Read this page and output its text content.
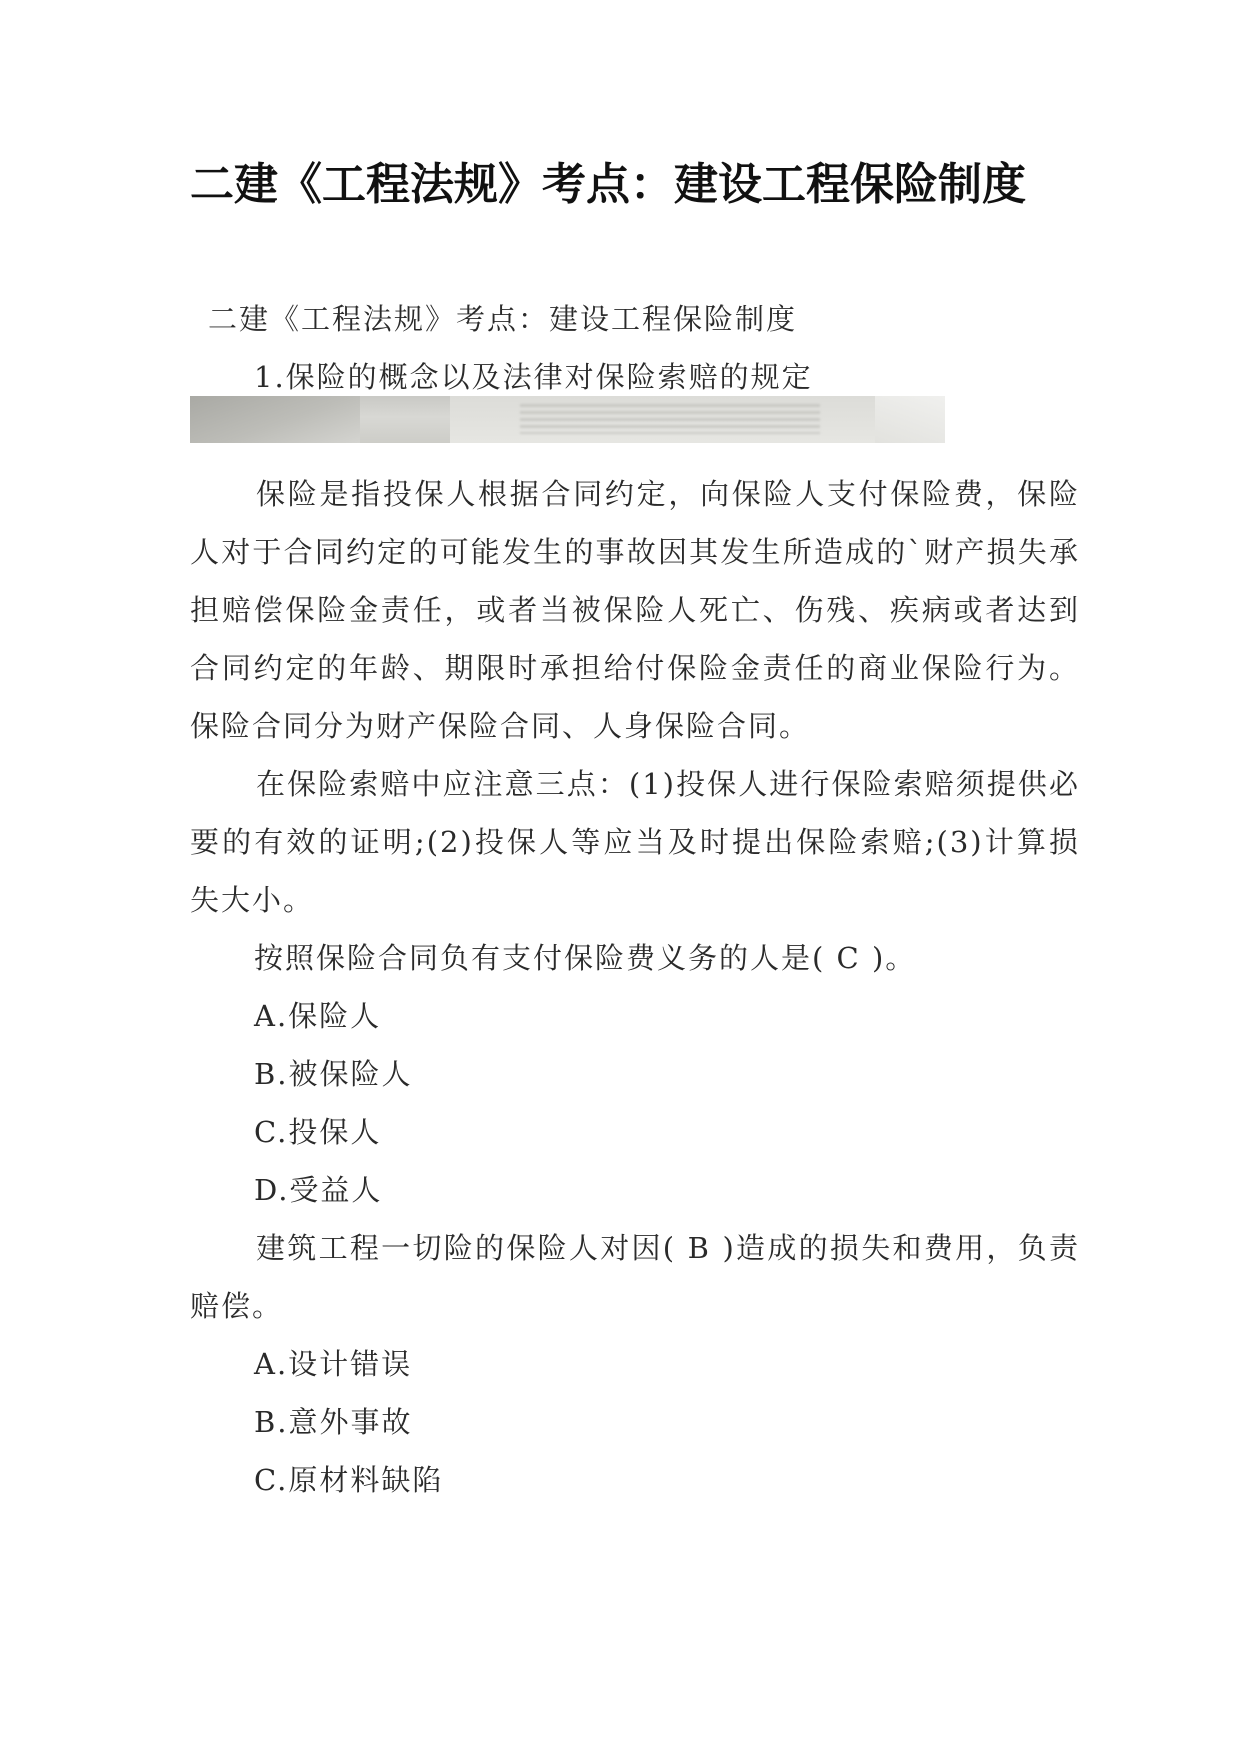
二建《工程法规》考点：建设工程保险制度

二建《工程法规》考点：建设工程保险制度

1.保险的概念以及法律对保险索赔的规定

保险是指投保人根据合同约定，向保险人支付保险费，保险人对于合同约定的可能发生的事故因其发生所造成的`财产损失承担赔偿保险金责任，或者当被保险人死亡、伤残、疾病或者达到合同约定的年龄、期限时承担给付保险金责任的商业保险行为。保险合同分为财产保险合同、人身保险合同。

在保险索赔中应注意三点：(1)投保人进行保险索赔须提供必要的有效的证明;(2)投保人等应当及时提出保险索赔;(3)计算损失大小。

按照保险合同负有支付保险费义务的人是( C )。

A.保险人

B.被保险人

C.投保人

D.受益人

建筑工程一切险的保险人对因( B )造成的损失和费用，负责赔偿。

A.设计错误

B.意外事故

C.原材料缺陷
